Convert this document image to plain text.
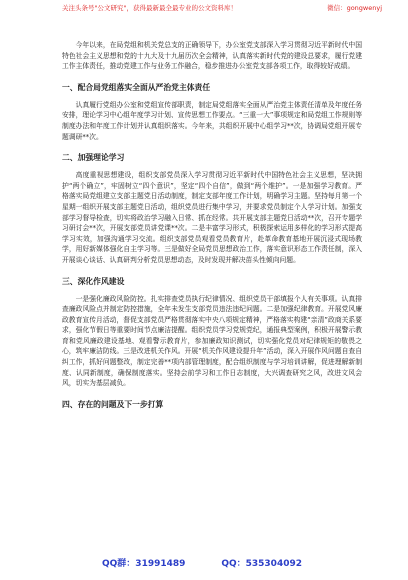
关注头条号"公文研究"，获得最新最全最专业的公文资料库！	微信：gongwenyj

今年以来，在局党组和机关党总支的正确领导下，办公室党支部深入学习贯彻习近平新时代中国特色社会主义思想和党的十九大及十九届历次全会精神，认真落实新时代党的建设总要求，履行党建工作主体责任，推动党建工作与业务工作融合，稳步推进办公室党支部各项工作，取得较好成绩。

一、配合局党组落实全面从严治党主体责任

认真履行党组办公室和党组宣传部职责，制定局党组落实全面从严治党主体责任清单及年度任务安排，理论学习中心组年度学习计划、宣传思想工作要点。“三重一大”事项规定和局党组工作规则等制度办法和年度工作计划并认真组织落实。今年来，共组织开展中心组学习**次，协调局党组开展专题调研**次。

二、加强理论学习

高度重视思想建设，组织支部党员深入学习贯彻习近平新时代中国特色社会主义思想，坚决拥护“两个确立”，牢固树立“四个意识”，坚定“四个自信”，做到“两个维护”。一是加强学习教育。严格落实局党组建立支部主题党日活动制度，制定支部年度工作计划，明确学习主题。坚持每月第一个星期一组织开展支部主题党日活动，组织党员进行集中学习，并要求党员制定个人学习计划。加强支部学习督导检查，切实将政治学习融入日常、抓在经常。共开展支部主题党日活动**次，召开专题学习研讨会**次，开展支部党员讲党课**次。二是丰富学习形式，积极探索运用多样化的学习形式提高学习实效，加强沟通学习交流。组织支部党员观看党员教育片，赴革命教育基地开展沉浸式现场教学，用好新媒体强化自主学习等。三是做好全局党员思想政治工作，落实意识形态工作责任制，深入开展谈心谈话、认真研判分析党员思想动态，及时发现并解决苗头性倾向问题。

三、深化作风建设

一是强化廉政风险防控。扎实排查党员执行纪律情况、组织党员干部填报个人有关事项。认真排查廉政风险点并制定防控措施，全年未发生支部党员违法违纪问题。二是加强纪律教育。开展党风廉政教育宣传月活动，督促支部党员严格贯彻落实中央八项规定精神，严格落实构建“亲清”政商关系要求，强化节假日等重要时间节点廉洁提醒。组织党员学习党规党纪，通报典型案例，积极开展警示教育和党风廉政建设基地、观看警示教育片，参加廉政知识测试，切实强化党员对纪律规矩的敬畏之心，筑牢廉洁防线。三是改进机关作风。开展“机关作风建设提升年”活动，深入开展作风问题自查自纠工作，抓好问题整改，制定完善**项内部管理制度，配合组织制度与学习培训讲解，促进理解新制度、认同新制度，确保制度落实。坚持会前学习和工作日志制度，大兴调查研究之风，改进文风会风，切实为基层减负。

四、存在的问题及下一步打算
QQ群：31991489	QQ：535304092
